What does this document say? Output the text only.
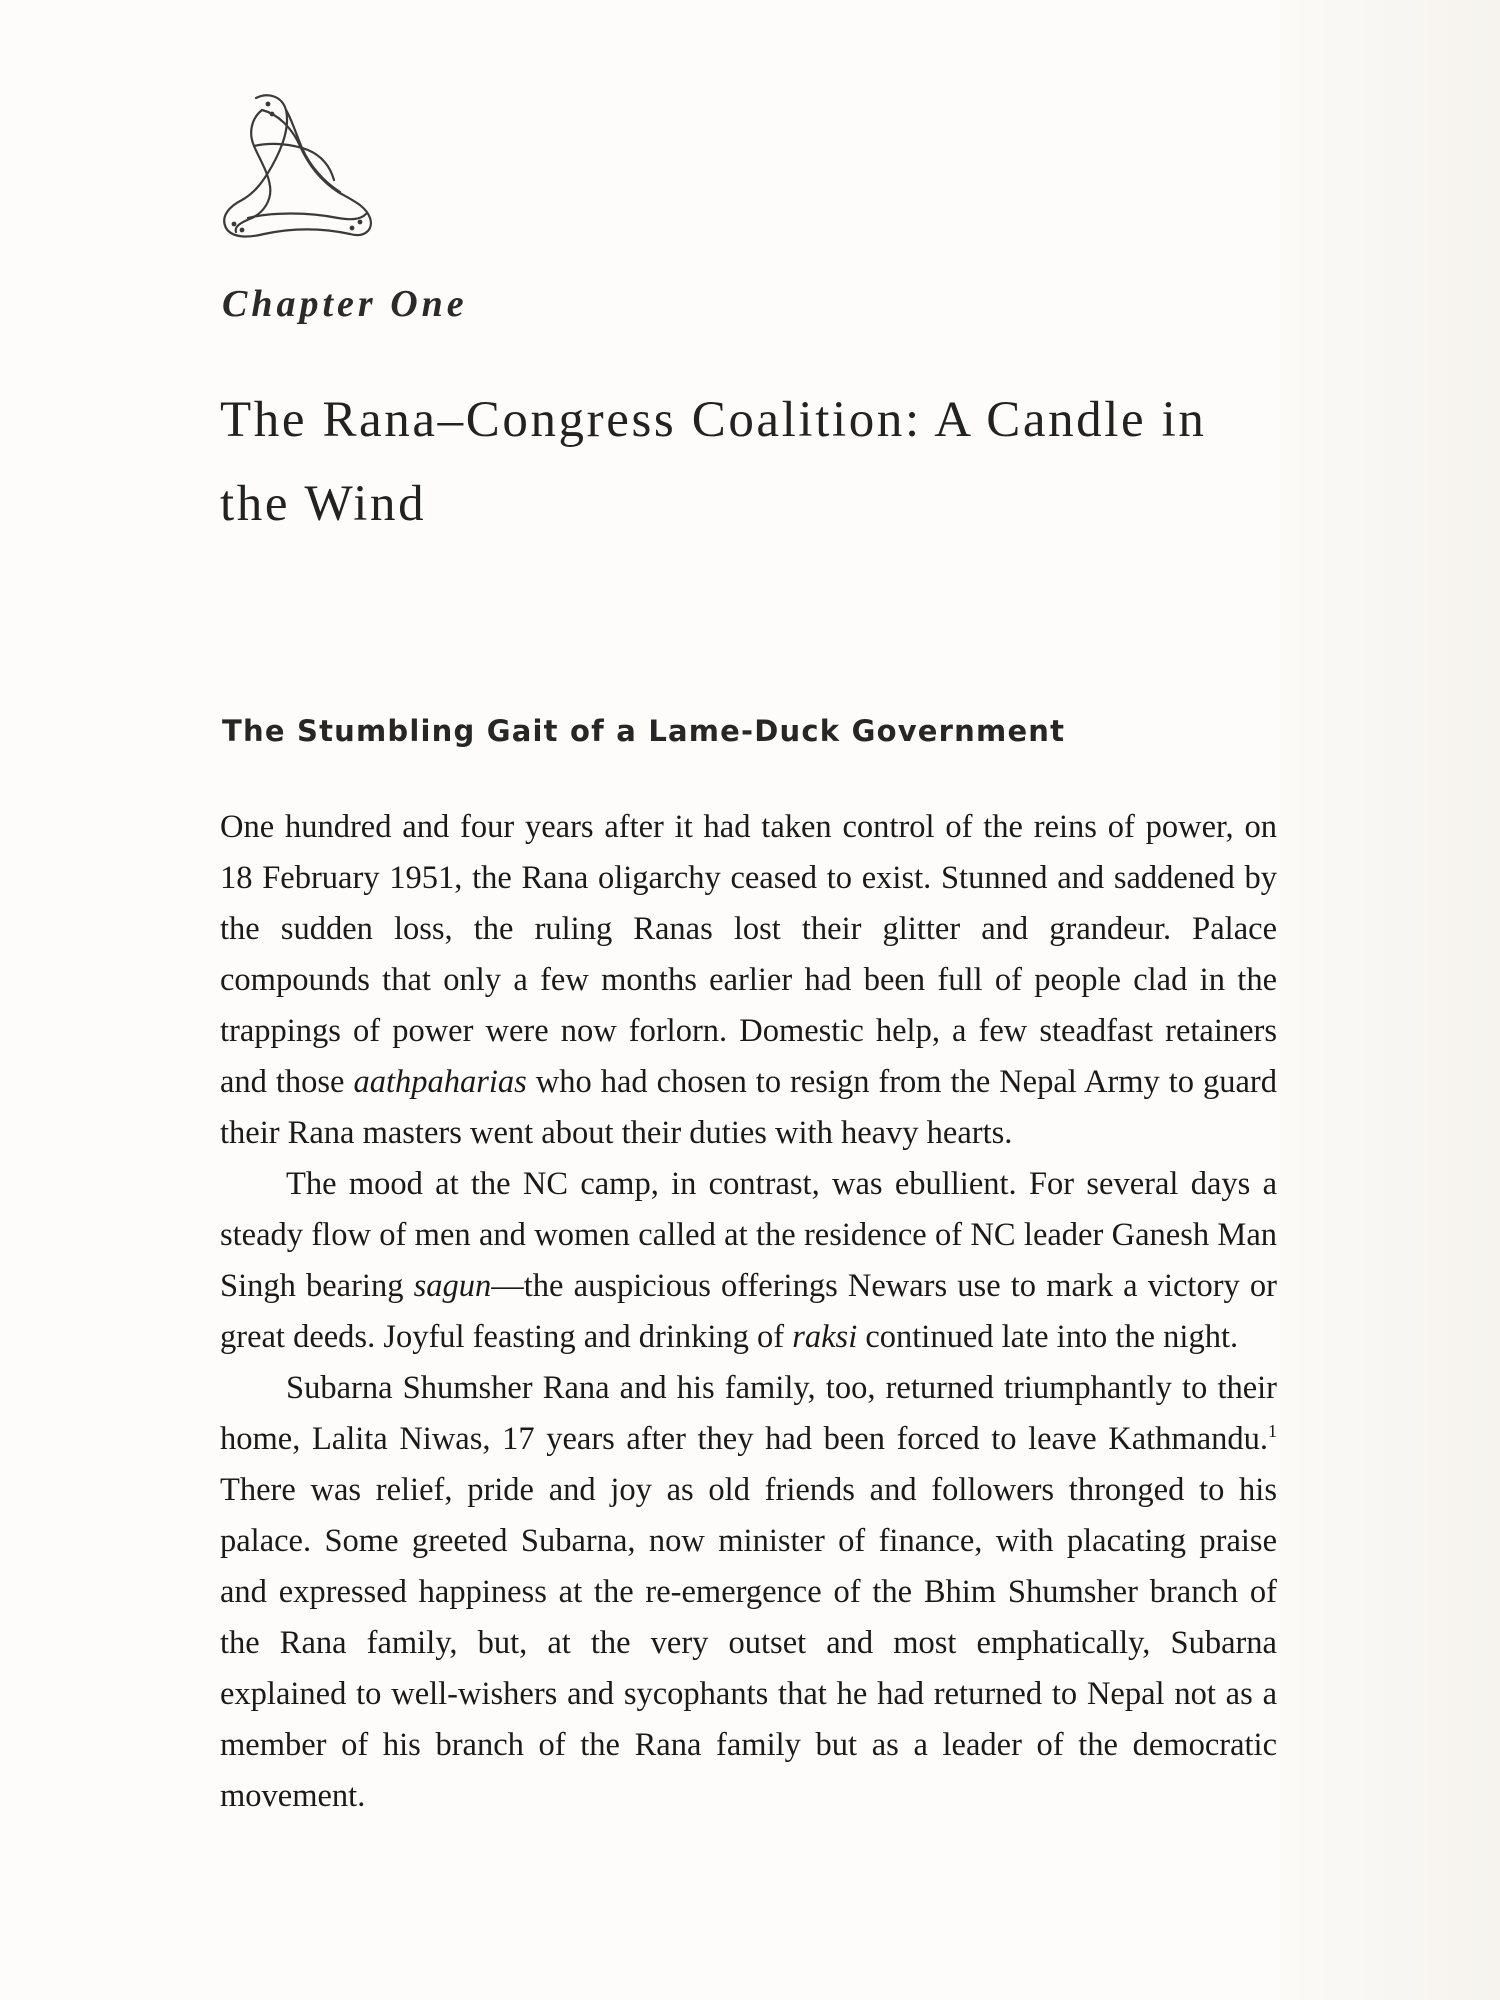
Chapter One
The Rana–Congress Coalition: A Candle in the Wind
The Stumbling Gait of a Lame-Duck Government

One hundred and four years after it had taken control of the reins of power, on 18 February 1951, the Rana oligarchy ceased to exist. Stunned and saddened by the sudden loss, the ruling Ranas lost their glitter and grandeur. Palace compounds that only a few months earlier had been full of people clad in the trappings of power were now forlorn. Domestic help, a few steadfast retainers and those aathpaharias who had chosen to resign from the Nepal Army to guard their Rana masters went about their duties with heavy hearts.

The mood at the NC camp, in contrast, was ebullient. For several days a steady flow of men and women called at the residence of NC leader Ganesh Man Singh bearing sagun—the auspicious offerings Newars use to mark a victory or great deeds. Joyful feasting and drinking of raksi continued late into the night.

Subarna Shumsher Rana and his family, too, returned triumphantly to their home, Lalita Niwas, 17 years after they had been forced to leave Kathmandu.$^1$ There was relief, pride and joy as old friends and followers thronged to his palace. Some greeted Subarna, now minister of finance, with placating praise and expressed happiness at the re-emergence of the Bhim Shumsher branch of the Rana family, but, at the very outset and most emphatically, Subarna explained to well-wishers and sycophants that he had returned to Nepal not as a member of his branch of the Rana family but as a leader of the democratic movement.
